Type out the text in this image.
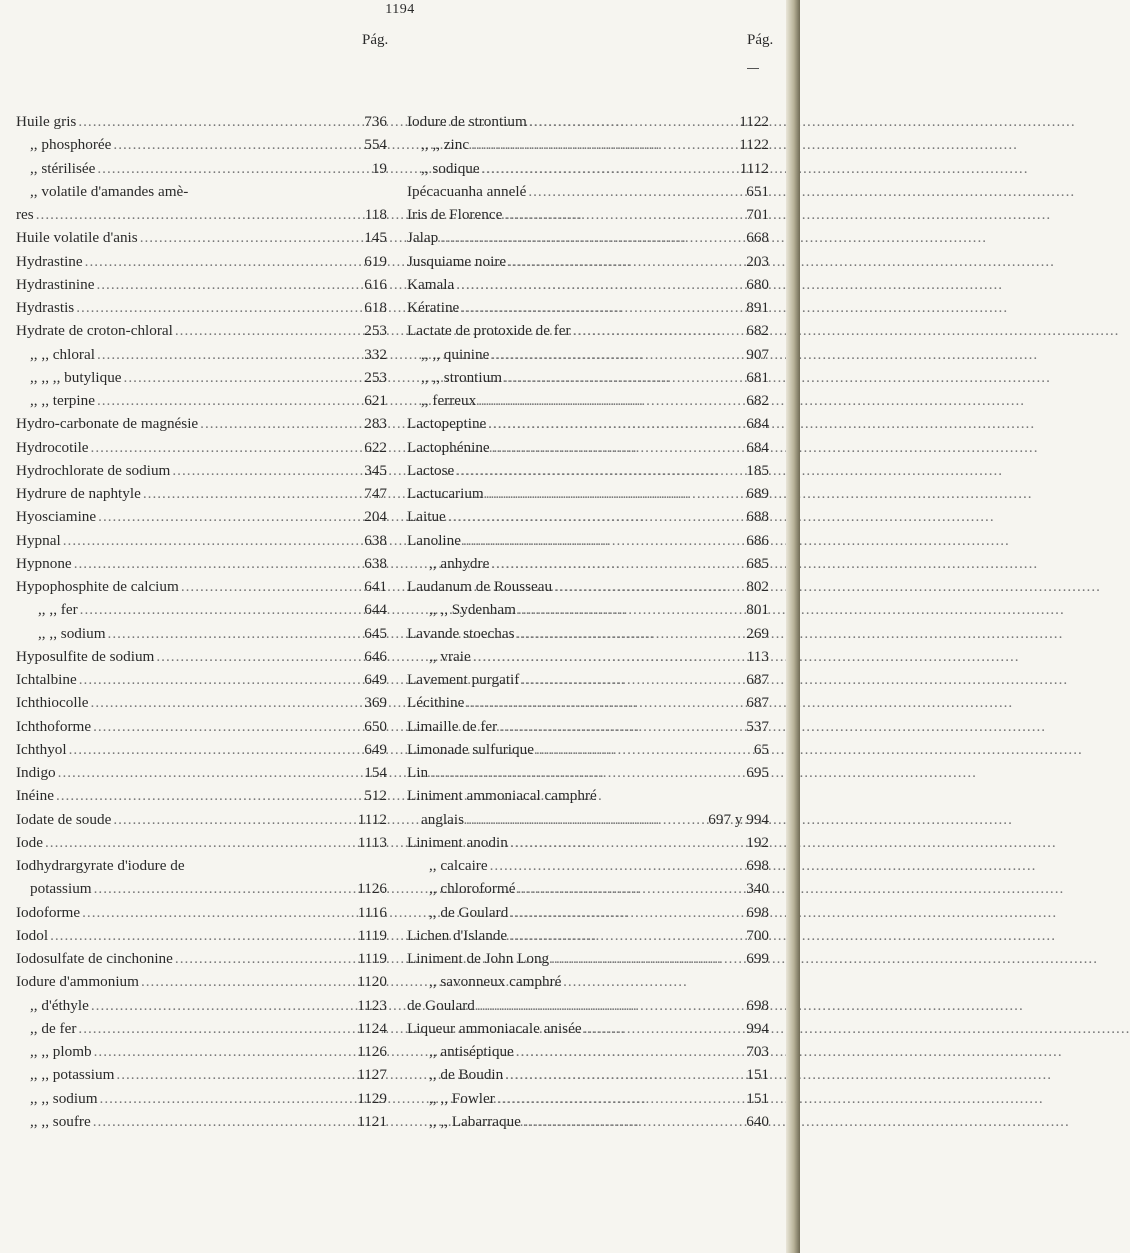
1194
Pág.	Pág.
Huile gris .....	736
,, phosphorée .....	554
,, stérilisée .....	19
,, volatile d'amandes amè-
res .....	118
Huile volatile d'anis .....	145
Hydrastine .....	619
Hydrastinine .....	616
Hydrastis .....	618
Hydrate de croton-chloral .....	253
,, ,, chloral .....	332
,, ,, ,, butylique .....	253
,, ,, terpine .....	621
Hydro-carbonate de magnésie .....	283
Hydrocotile .....	622
Hydrochlorate de sodium .....	345
Hydrure de naphtyle .....	747
Hyosciamine .....	204
Hypnal .....	638
Hypnone .....	638
Hypophosphite de calcium .....	641
,, ,, fer .....	644
,, ,, sodium .....	645
Hyposulfite de sodium .....	646
Ichtalbine .....	649
Ichthiocolle .....	369
Ichthoforme .....	650
Ichthyol .....	649
Indigo .....	154
Inéine .....	512
Iodate de soude .....	1112
Iode .....	1113
Iodhydrargyrate d'iodure de
potassium .....	1126
Iodoforme .....	1116
Iodol .....	1119
Iodosulfate de cinchonine .....	1119
Iodure d'ammonium .....	1120
,, d'éthyle .....	1123
,, de fer .....	1124
,, ,, plomb .....	1126
,, ,, potassium .....	1127
,, ,, sodium .....	1129
,, ,, soufre .....	1121
Iodure de strontium .....	1122
,, ,, zinc .....	1122
,, sodique .....	1112
Ipécacuanha annelé .....	651
Iris de Florence .....	701
Jalap .....	668
Jusquiame noire .....	203
Kamala .....	680
Kératine .....	891
Lactate de protoxide de fer .....	682
,, ,, quinine .....	907
,, ,, strontium .....	681
,, ferreux .....	682
Lactopeptine .....	684
Lactophénine .....	684
Lactose .....	185
Lactucarium .....	689
Laitue .....	688
Lanoline .....	686
,, anhydre .....	685
Laudanum de Rousseau .....	802
,, ,, Sydenham .....	801
Lavande stoechas .....	269
,, vraie .....	113
Lavement purgatif .....	687
Lécithine .....	687
Limaille de fer .....	537
Limonade sulfurique .....	65
Lin .....	695
Liniment ammoniacal camphré
anglais .....	697 y 994
Liniment anodin .....	192
,, calcaire .....	698
,, chloroformé .....	340
,, de Goulard .....	698
Lichen d'Islande .....	700
Liniment de John Long .....	699
,, savonneux camphré
de Goulard .....	698
Liqueur ammoniacale anisée .....	994
,, antiséptique .....	703
,, de Boudin .....	151
,, ,, Fowler .....	151
,, ,, Labarraque .....	640
